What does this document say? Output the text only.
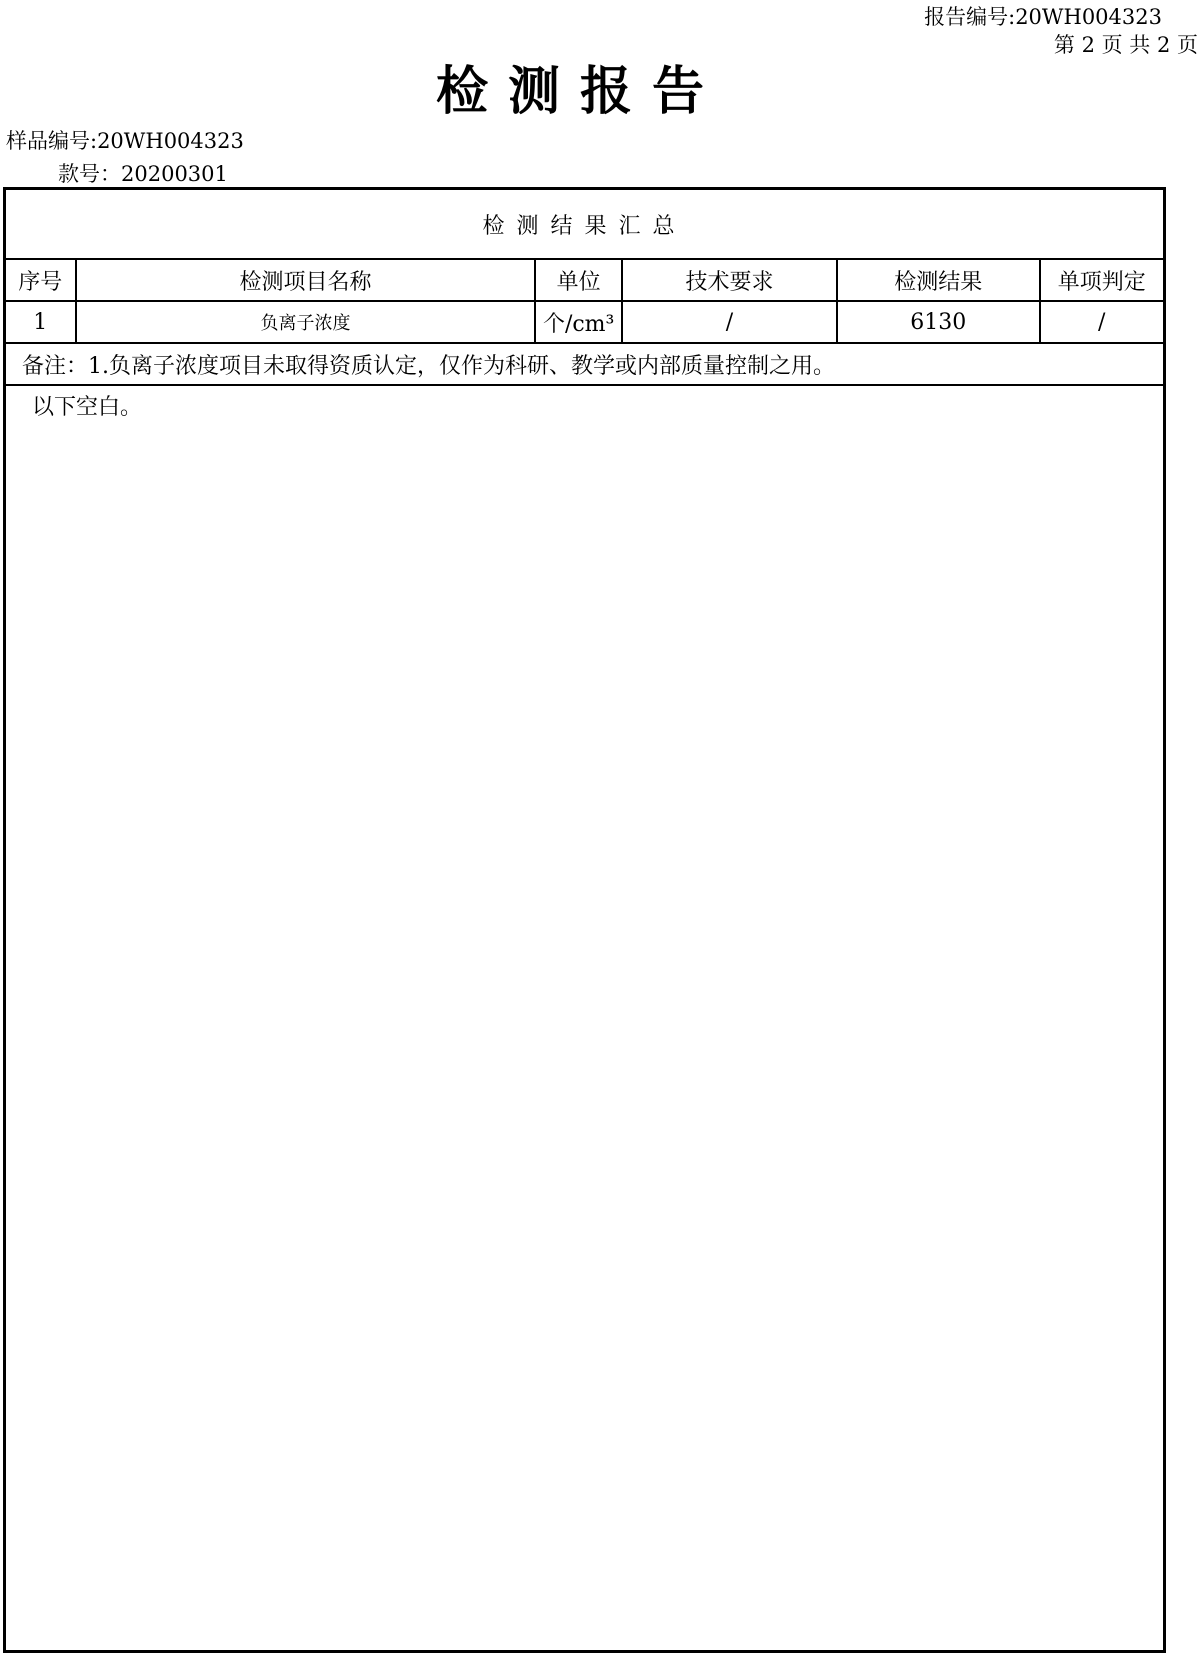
报告编号:20WH004323
第 2 页 共 2 页
检测报告
样品编号:20WH004323
款号：20200301
检测结果汇总					
序号	检测项目名称	单位	技术要求	检测结果	单项判定
1	负离子浓度	个/cm³	/	6130	/
备注：1.负离子浓度项目未取得资质认定，仅作为科研、教学或内部质量控制之用。					
以下空白。
